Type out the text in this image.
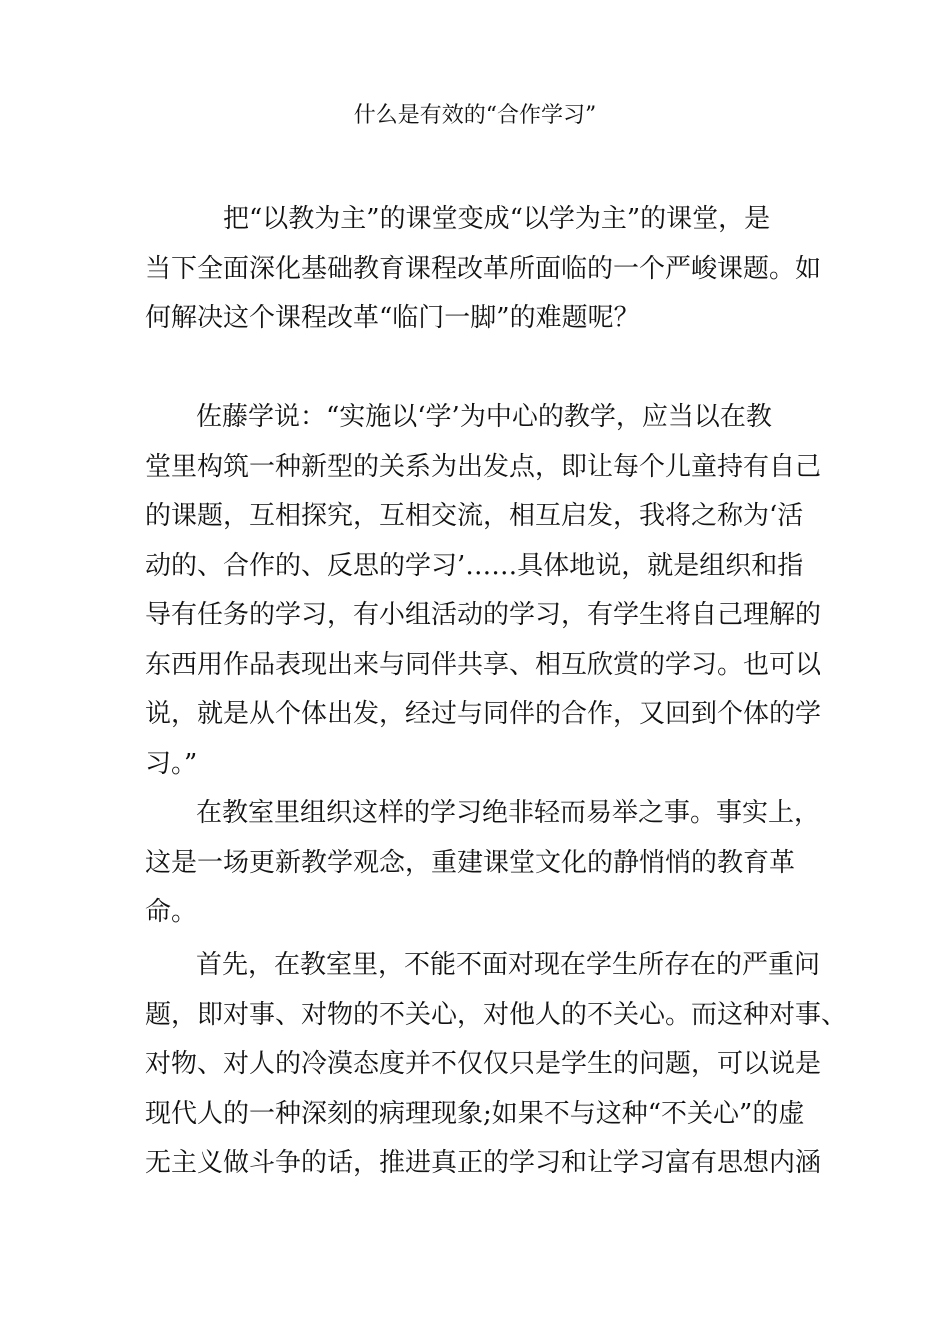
什么是有效的“合作学习”
把“以教为主”的课堂变成“以学为主”的课堂，是
当下全面深化基础教育课程改革所面临的一个严峻课题。如
何解决这个课程改革“临门一脚”的难题呢？
佐藤学说：“实施以‘学’为中心的教学，应当以在教
堂里构筑一种新型的关系为出发点，即让每个儿童持有自己
的课题，互相探究，互相交流，相互启发，我将之称为‘活
动的、合作的、反思的学习’……具体地说，就是组织和指
导有任务的学习，有小组活动的学习，有学生将自己理解的
东西用作品表现出来与同伴共享、相互欣赏的学习。也可以
说，就是从个体出发，经过与同伴的合作，又回到个体的学
习。”
在教室里组织这样的学习绝非轻而易举之事。事实上，
这是一场更新教学观念，重建课堂文化的静悄悄的教育革
命。
首先，在教室里，不能不面对现在学生所存在的严重问
题，即对事、对物的不关心，对他人的不关心。而这种对事、
对物、对人的冷漠态度并不仅仅只是学生的问题，可以说是
现代人的一种深刻的病理现象;如果不与这种“不关心”的虚
无主义做斗争的话，推进真正的学习和让学习富有思想内涵
